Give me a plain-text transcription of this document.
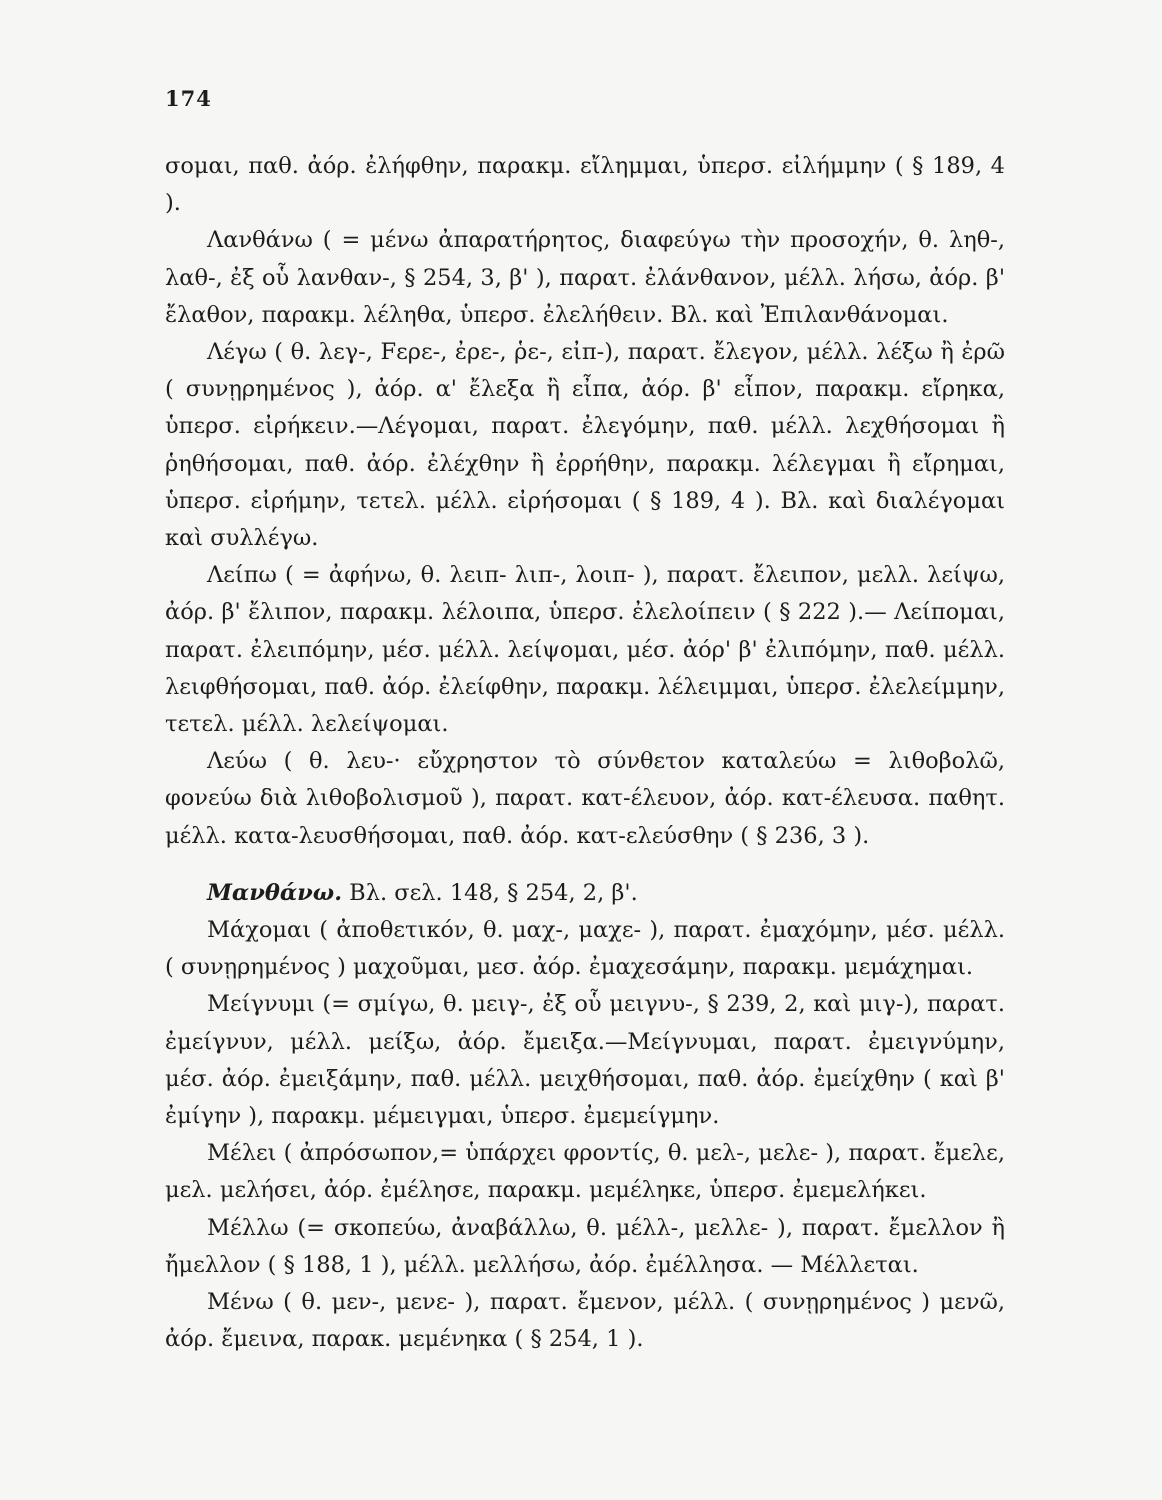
174

σομαι, παθ. ἀόρ. ἐλήφθην, παρακμ. εἴλημμαι, ὑπερσ. εἰλήμμην ( § 189, 4 ).

Λανθάνω ( = μένω ἀπαρατήρητος, διαφεύγω τὴν προσοχήν, θ. ληθ-, λαθ-, ἐξ οὗ λανθαν-, § 254, 3, β' ), παρατ. ἐλάνθανον, μέλλ. λήσω, ἀόρ. β' ἔλαθον, παρακμ. λέληθα, ὑπερσ. ἐλελήθειν. Βλ. καὶ Ἐπιλανθάνομαι.

Λέγω ( θ. λεγ-, Fερε-, ἐρε-, ῥε-, εἰπ-), παρατ. ἔλεγον, μέλλ. λέξω ἢ ἐρῶ ( συνῃρημένος ), ἀόρ. α' ἔλεξα ἢ εἶπα, ἀόρ. β' εἶπον, παρακμ. εἴρηκα, ὑπερσ. εἰρήκειν.—Λέγομαι, παρατ. ἐλεγόμην, παθ. μέλλ. λεχθήσομαι ἢ ῥηθήσομαι, παθ. ἀόρ. ἐλέχθην ἢ ἐρρήθην, παρακμ. λέλεγμαι ἢ εἴρημαι, ὑπερσ. εἰρήμην, τετελ. μέλλ. εἰρήσομαι ( § 189, 4 ). Βλ. καὶ διαλέγομαι καὶ συλλέγω.

Λείπω ( = ἀφήνω, θ. λειπ- λιπ-, λοιπ- ), παρατ. ἔλειπον, μελλ. λείψω, ἀόρ. β' ἔλιπον, παρακμ. λέλοιπα, ὑπερσ. ἐλελοίπειν ( § 222 ).— Λείπομαι, παρατ. ἐλειπόμην, μέσ. μέλλ. λείψομαι, μέσ. ἀόρ' β' ἐλιπόμην, παθ. μέλλ. λειφθήσομαι, παθ. ἀόρ. ἐλείφθην, παρακμ. λέλειμμαι, ὑπερσ. ἐλελείμμην, τετελ. μέλλ. λελείψομαι.

Λεύω ( θ. λευ-· εὔχρηστον τὸ σύνθετον καταλεύω = λιθοβολῶ, φονεύω διὰ λιθοβολισμοῦ ), παρατ. κατ-έλευον, ἀόρ. κατ-έλευσα. παθητ. μέλλ. κατα-λευσθήσομαι, παθ. ἀόρ. κατ-ελεύσθην ( § 236, 3 ).

Μανθάνω. Βλ. σελ. 148, § 254, 2, β'.

Μάχομαι ( ἀποθετικόν, θ. μαχ-, μαχε- ), παρατ. ἐμαχόμην, μέσ. μέλλ. ( συνῃρημένος ) μαχοῦμαι, μεσ. ἀόρ. ἐμαχεσάμην, παρακμ. μεμάχημαι.

Μείγνυμι (= σμίγω, θ. μειγ-, ἐξ οὗ μειγνυ-, § 239, 2, καὶ μιγ-), παρατ. ἐμείγνυν, μέλλ. μείξω, ἀόρ. ἔμειξα.—Μείγνυμαι, παρατ. ἐμειγνύμην, μέσ. ἀόρ. ἐμειξάμην, παθ. μέλλ. μειχθήσομαι, παθ. ἀόρ. ἐμείχθην ( καὶ β' ἐμίγην ), παρακμ. μέμειγμαι, ὑπερσ. ἐμεμείγμην.

Μέλει ( ἀπρόσωπον,= ὑπάρχει φροντίς, θ. μελ-, μελε- ), παρατ. ἔμελε, μελ. μελήσει, ἀόρ. ἐμέλησε, παρακμ. μεμέληκε, ὑπερσ. ἐμεμελήκει.

Μέλλω (= σκοπεύω, ἀναβάλλω, θ. μέλλ-, μελλε- ), παρατ. ἔμελλον ἢ ἤμελλον ( § 188, 1 ), μέλλ. μελλήσω, ἀόρ. ἐμέλλησα. — Μέλλεται.

Μένω ( θ. μεν-, μενε- ), παρατ. ἔμενον, μέλλ. ( συνῃρημένος ) μενῶ, ἀόρ. ἔμεινα, παρακ. μεμένηκα ( § 254, 1 ).
